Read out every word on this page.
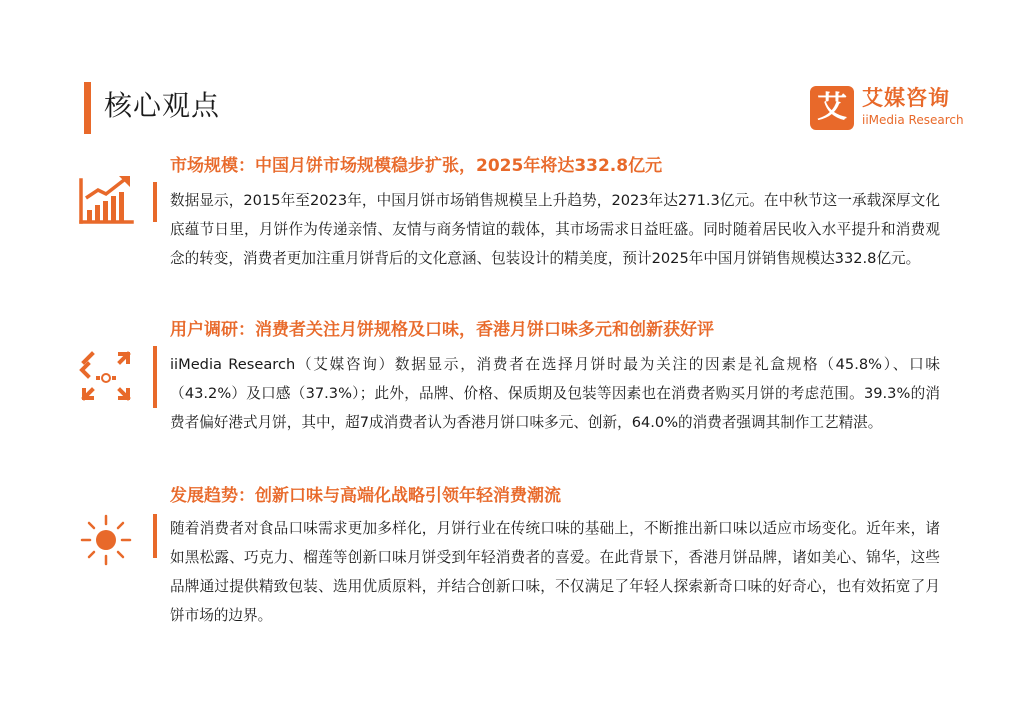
核心观点	艾 艾媒咨询
iiMedia Research
市场规模：中国月饼市场规模稳步扩张，2025年将达332.8亿元
数据显示，2015年至2023年，中国月饼市场销售规模呈上升趋势，2023年达271.3亿元。在中秋节这一承载深厚文化底蕴节日里，月饼作为传递亲情、友情与商务情谊的载体，其市场需求日益旺盛。同时随着居民收入水平提升和消费观念的转变，消费者更加注重月饼背后的文化意涵、包装设计的精美度，预计2025年中国月饼销售规模达332.8亿元。
用户调研：消费者关注月饼规格及口味，香港月饼口味多元和创新获好评
iiMedia Research（艾媒咨询）数据显示，消费者在选择月饼时最为关注的因素是礼盒规格（45.8%）、口味（43.2%）及口感（37.3%）；此外，品牌、价格、保质期及包装等因素也在消费者购买月饼的考虑范围。39.3%的消费者偏好港式月饼，其中，超7成消费者认为香港月饼口味多元、创新，64.0%的消费者强调其制作工艺精湛。
发展趋势：创新口味与高端化战略引领年轻消费潮流
随着消费者对食品口味需求更加多样化，月饼行业在传统口味的基础上，不断推出新口味以适应市场变化。近年来，诸如黑松露、巧克力、榴莲等创新口味月饼受到年轻消费者的喜爱。在此背景下，香港月饼品牌，诸如美心、锦华，这些品牌通过提供精致包装、选用优质原料，并结合创新口味，不仅满足了年轻人探索新奇口味的好奇心，也有效拓宽了月饼市场的边界。
